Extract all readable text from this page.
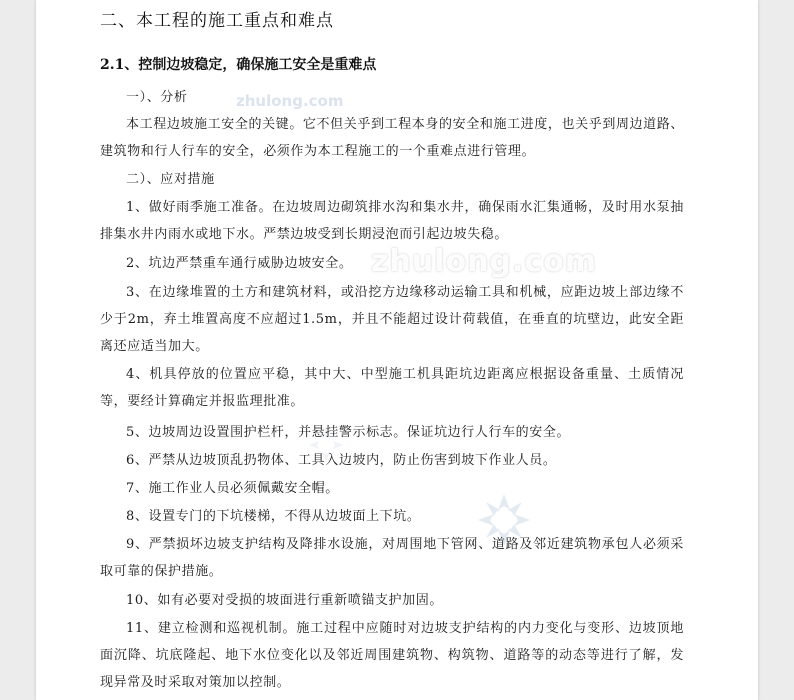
二、本工程的施工重点和难点
2.1、控制边坡稳定，确保施工安全是重难点

一）、分析

本工程边坡施工安全的关键。它不但关乎到工程本身的安全和施工进度，也关乎到周边道路、建筑物和行人行车的安全，必须作为本工程施工的一个重难点进行管理。

二）、应对措施

1、做好雨季施工准备。在边坡周边砌筑排水沟和集水井，确保雨水汇集通畅，及时用水泵抽排集水井内雨水或地下水。严禁边坡受到长期浸泡而引起边坡失稳。

2、坑边严禁重车通行威胁边坡安全。

3、在边缘堆置的土方和建筑材料，或沿挖方边缘移动运输工具和机械，应距边坡上部边缘不少于2m，弃土堆置高度不应超过1.5m，并且不能超过设计荷载值，在垂直的坑壁边，此安全距离还应适当加大。

4、机具停放的位置应平稳，其中大、中型施工机具距坑边距离应根据设备重量、土质情况等，要经计算确定并报监理批准。

5、边坡周边设置围护栏杆，并悬挂警示标志。保证坑边行人行车的安全。

6、严禁从边坡顶乱扔物体、工具入边坡内，防止伤害到坡下作业人员。

7、施工作业人员必须佩戴安全帽。

8、设置专门的下坑楼梯，不得从边坡面上下坑。

9、严禁损坏边坡支护结构及降排水设施，对周围地下管网、道路及邻近建筑物承包人必须采取可靠的保护措施。

10、如有必要对受损的坡面进行重新喷锚支护加固。

11、建立检测和巡视机制。施工过程中应随时对边坡支护结构的内力变化与变形、边坡顶地面沉降、坑底隆起、地下水位变化以及邻近周围建筑物、构筑物、道路等的动态等进行了解，发现异常及时采取对策加以控制。

zhulong.com
zhulong.com
